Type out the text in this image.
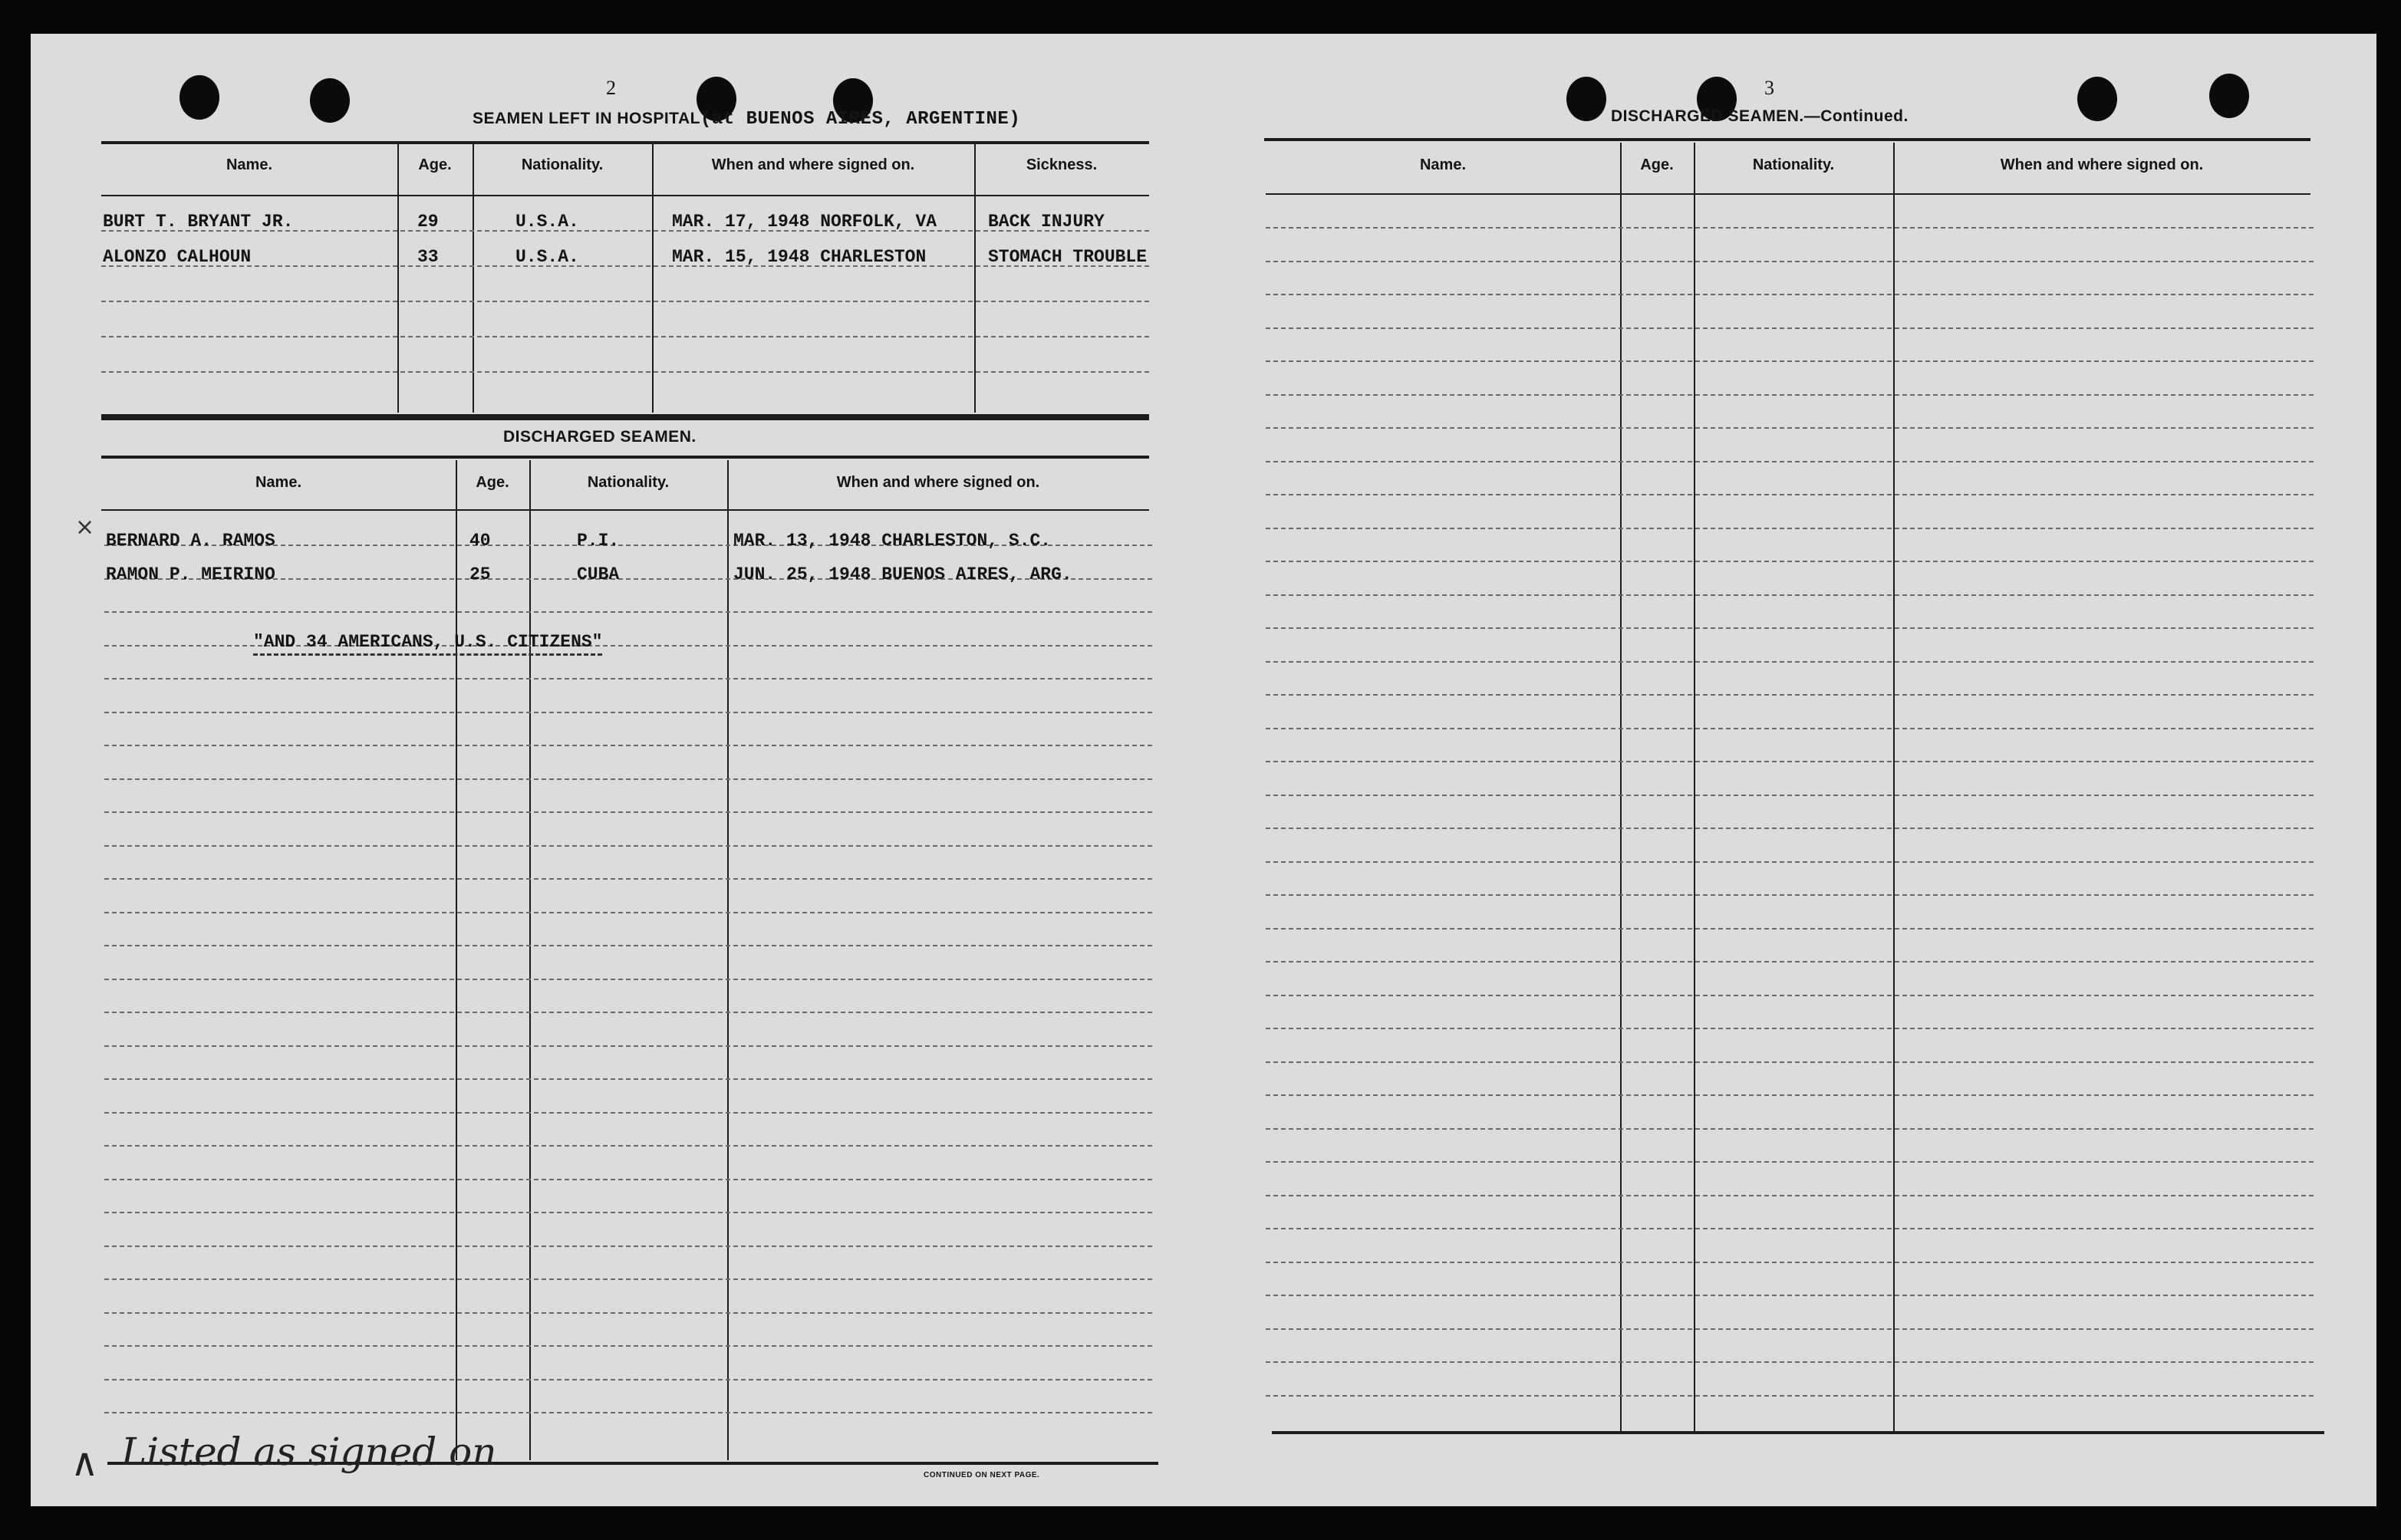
2
SEAMEN LEFT IN HOSPITAL(at BUENOS AIRES, ARGENTINE)
Name.	Age.	Nationality.	When and where signed on.	Sickness.
BURT T. BRYANT JR.	29	U.S.A.	MAR. 17, 1948 NORFOLK, VA	BACK INJURY
ALONZO CALHOUN	33	U.S.A.	MAR. 15, 1948 CHARLESTON	STOMACH TROUBLE
DISCHARGED SEAMEN.
Name.	Age.	Nationality.	When and where signed on.
× BERNARD A. RAMOS	40	P.I.	MAR. 13, 1948 CHARLESTON, S.C.
RAMON P. MEIRINO	25	CUBA	JUN. 25, 1948 BUENOS AIRES, ARG.
"AND 34 AMERICANS, U.S. CITIZENS"
CONTINUED ON NEXT PAGE.
∧ Listed as signed on
3
DISCHARGED SEAMEN.—Continued.
Name.	Age.	Nationality.	When and where signed on.
